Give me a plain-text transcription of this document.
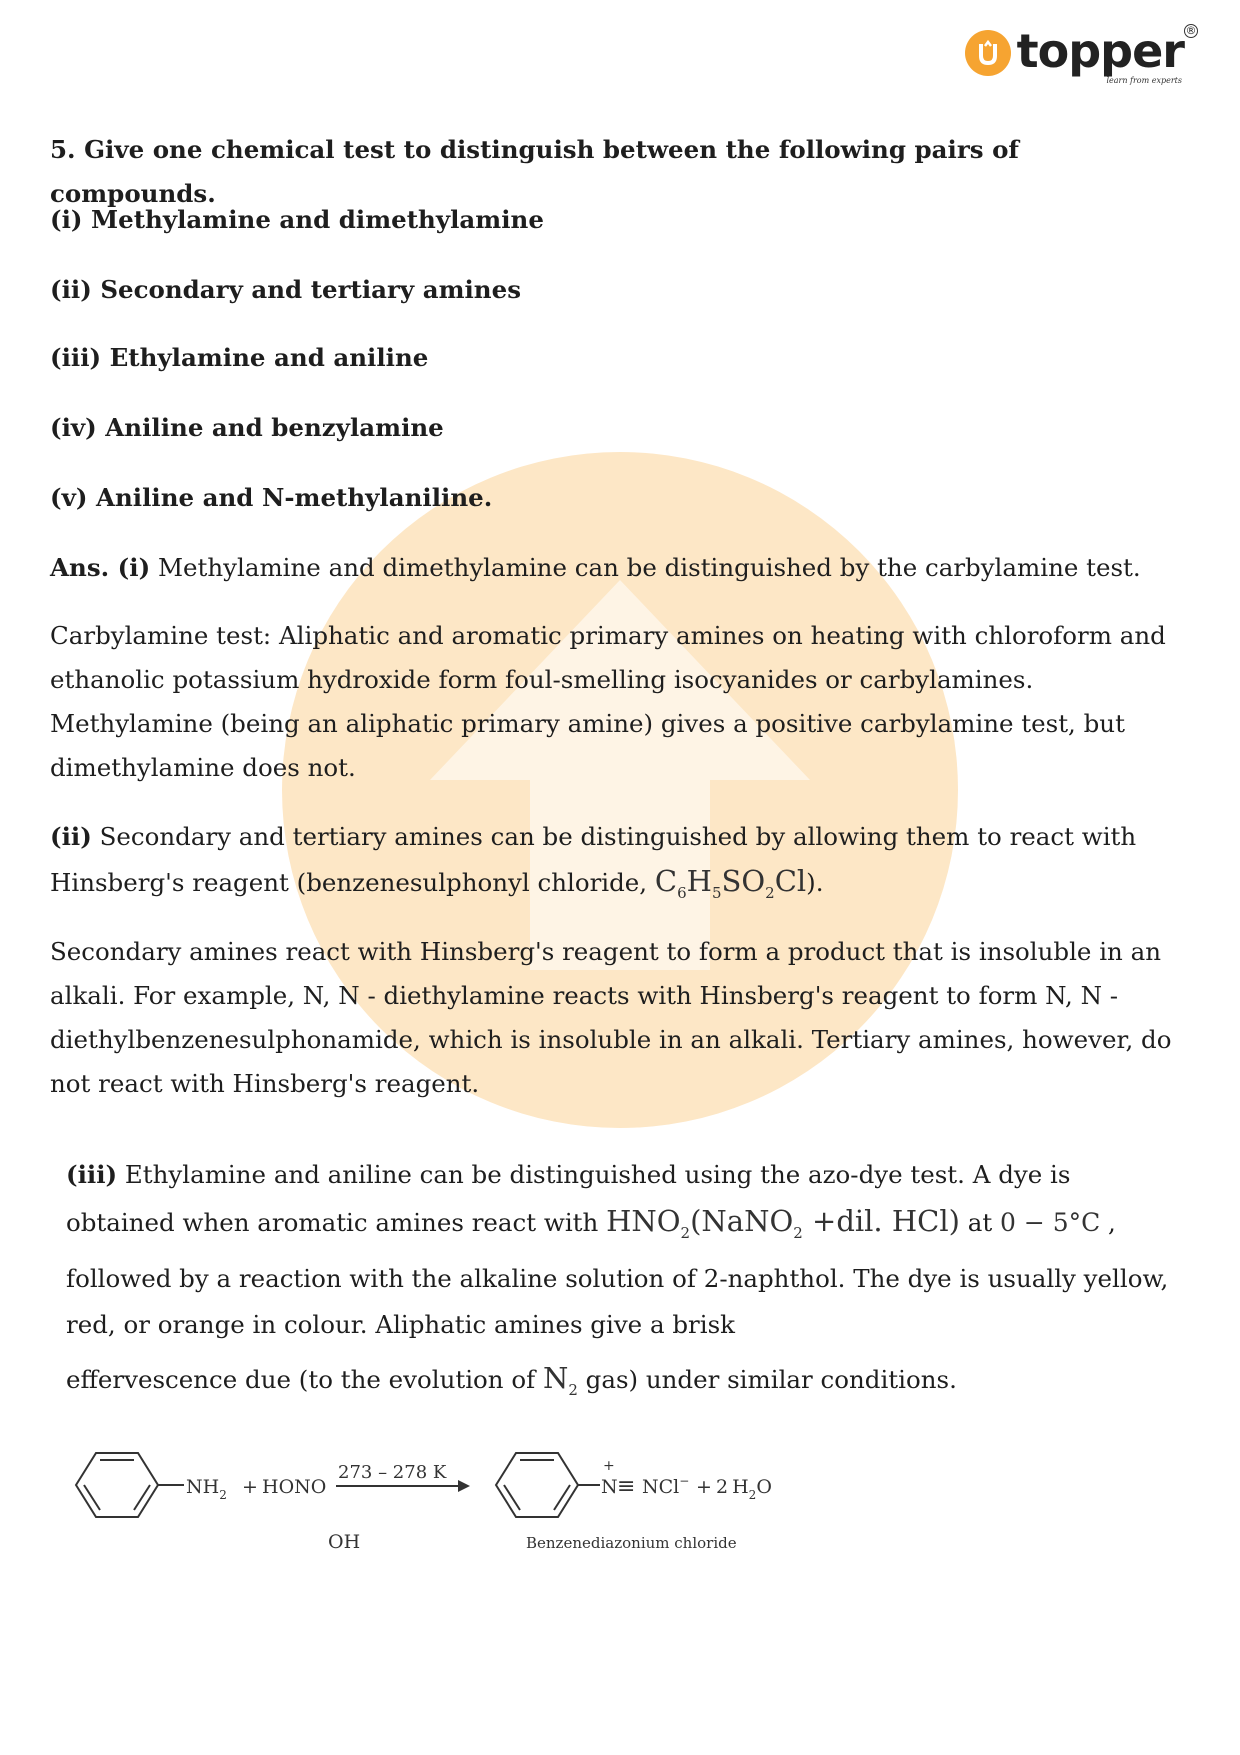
topper
learn from experts
®

5. Give one chemical test to distinguish between the following pairs of compounds.

(i) Methylamine and dimethylamine

(ii) Secondary and tertiary amines

(iii) Ethylamine and aniline

(iv) Aniline and benzylamine

(v) Aniline and N-methylaniline.

Ans. (i) Methylamine and dimethylamine can be distinguished by the carbylamine test.

Carbylamine test: Aliphatic and aromatic primary amines on heating with chloroform and ethanolic potassium hydroxide form foul-smelling isocyanides or carbylamines. Methylamine (being an aliphatic primary amine) gives a positive carbylamine test, but dimethylamine does not.

(ii) Secondary and tertiary amines can be distinguished by allowing them to react with Hinsberg's reagent (benzenesulphonyl chloride, $C_6H_5SO_2Cl$).

Secondary amines react with Hinsberg's reagent to form a product that is insoluble in an alkali. For example, N, N - diethylamine reacts with Hinsberg's reagent to form N, N - diethylbenzenesulphonamide, which is insoluble in an alkali. Tertiary amines, however, do not react with Hinsberg's reagent.

(iii) Ethylamine and aniline can be distinguished using the azo-dye test. A dye is obtained when aromatic amines react with $HNO_2(NaNO_2 +dil$. HCl) at 0 − 5°C , followed by a reaction with the alkaline solution of 2-naphthol. The dye is usually yellow, red, or orange in colour. Aliphatic amines give a brisk

effervescence due (to the evolution of $N_2$ gas) under similar conditions.

$NH_2$ + HONO
273 – 278 K
OH
+
N ≡ NCl− + 2 $H_2O$
Benzenediazonium chloride
